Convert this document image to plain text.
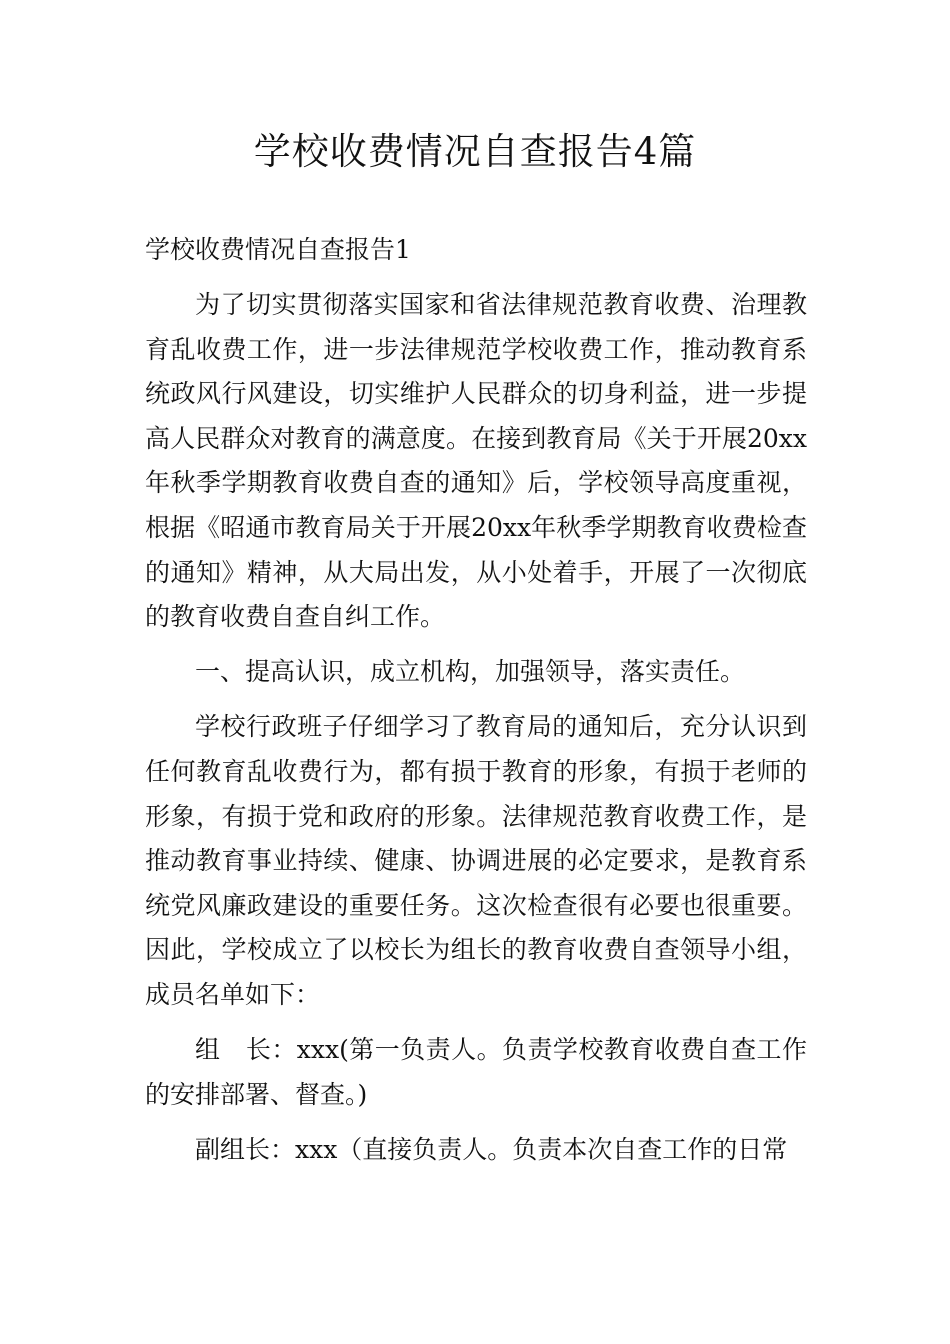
学校收费情况自查报告4篇

学校收费情况自查报告1

为了切实贯彻落实国家和省法律规范教育收费、治理教育乱收费工作，进一步法律规范学校收费工作，推动教育系统政风行风建设，切实维护人民群众的切身利益，进一步提高人民群众对教育的满意度。在接到教育局《关于开展20xx年秋季学期教育收费自查的通知》后，学校领导高度重视，根据《昭通市教育局关于开展20xx年秋季学期教育收费检查的通知》精神，从大局出发，从小处着手，开展了一次彻底的教育收费自查自纠工作。

一、提高认识，成立机构，加强领导，落实责任。

学校行政班子仔细学习了教育局的通知后，充分认识到任何教育乱收费行为，都有损于教育的形象，有损于老师的形象，有损于党和政府的形象。法律规范教育收费工作，是推动教育事业持续、健康、协调进展的必定要求，是教育系统党风廉政建设的重要任务。这次检查很有必要也很重要。因此，学校成立了以校长为组长的教育收费自查领导小组，成员名单如下：

组　长：xxx(第一负责人。负责学校教育收费自查工作的安排部署、督查。)

副组长：xxx（直接负责人。负责本次自查工作的日常
